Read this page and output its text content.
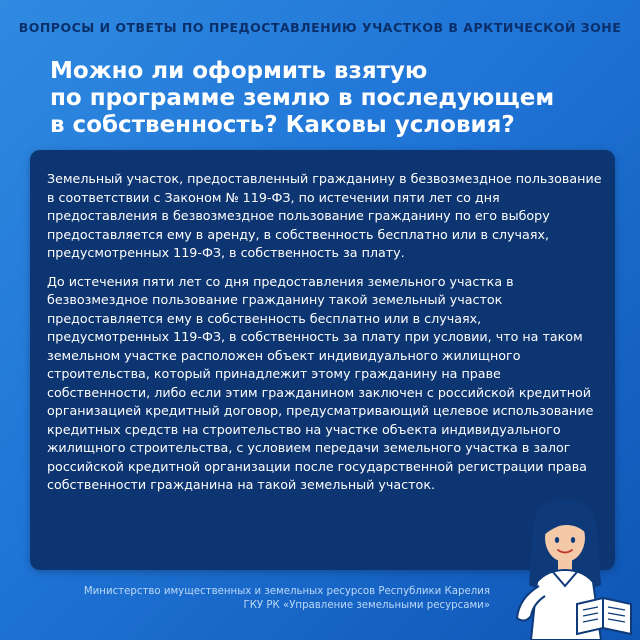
ВОПРОСЫ И ОТВЕТЫ ПО ПРЕДОСТАВЛЕНИЮ УЧАСТКОВ В АРКТИЧЕСКОЙ ЗОНЕ
Можно ли оформить взятую
по программе землю в последующем
в собственность? Каковы условия?

Земельный участок, предоставленный гражданину в безвозмездное пользование в соответствии с Законом № 119-ФЗ, по истечении пяти лет со дня предоставления в безвозмездное пользование гражданину по его выбору предоставляется ему в аренду, в собственность бесплатно или в случаях, предусмотренных 119-ФЗ, в собственность за плату.

До истечения пяти лет со дня предоставления земельного участка в безвозмездное пользование гражданину такой земельный участок предоставляется ему в собственность бесплатно или в случаях, предусмотренных 119-ФЗ, в собственность за плату при условии, что на таком земельном участке расположен объект индивидуального жилищного строительства, который принадлежит этому гражданину на праве собственности, либо если этим гражданином заключен с российской кредитной организацией кредитный договор, предусматривающий целевое использование кредитных средств на строительство на участке объекта индивидуального жилищного строительства, с условием передачи земельного участка в залог российской кредитной организации после государственной регистрации права собственности гражданина на такой земельный участок.

Министерство имущественных и земельных ресурсов Республики Карелия
ГКУ РК «Управление земельными ресурсами»
